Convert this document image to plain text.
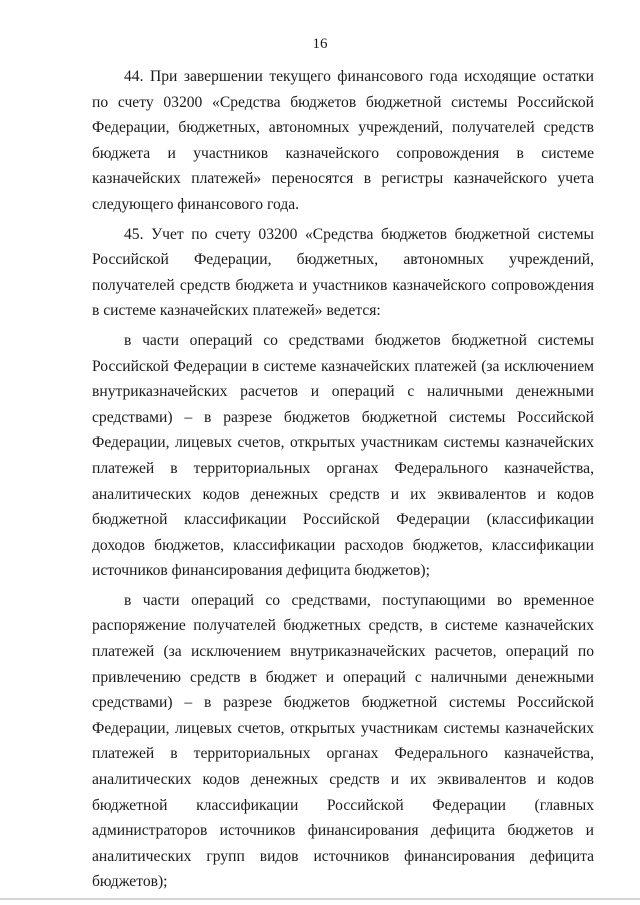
16

44. При завершении текущего финансового года исходящие остатки по счету 03200 «Средства бюджетов бюджетной системы Российской Федерации, бюджетных, автономных учреждений, получателей средств бюджета и участников казначейского сопровождения в системе казначейских платежей» переносятся в регистры казначейского учета следующего финансового года.

45. Учет по счету 03200 «Средства бюджетов бюджетной системы Российской Федерации, бюджетных, автономных учреждений, получателей средств бюджета и участников казначейского сопровождения в системе казначейских платежей» ведется:

в части операций со средствами бюджетов бюджетной системы Российской Федерации в системе казначейских платежей (за исключением внутриказначейских расчетов и операций с наличными денежными средствами) – в разрезе бюджетов бюджетной системы Российской Федерации, лицевых счетов, открытых участникам системы казначейских платежей в территориальных органах Федерального казначейства, аналитических кодов денежных средств и их эквивалентов и кодов бюджетной классификации Российской Федерации (классификации доходов бюджетов, классификации расходов бюджетов, классификации источников финансирования дефицита бюджетов);

в части операций со средствами, поступающими во временное распоряжение получателей бюджетных средств, в системе казначейских платежей (за исключением внутриказначейских расчетов, операций по привлечению средств в бюджет и операций с наличными денежными средствами) – в разрезе бюджетов бюджетной системы Российской Федерации, лицевых счетов, открытых участникам системы казначейских платежей в территориальных органах Федерального казначейства, аналитических кодов денежных средств и их эквивалентов и кодов бюджетной классификации Российской Федерации (главных администраторов источников финансирования дефицита бюджетов и аналитических групп видов источников финансирования дефицита бюджетов);
